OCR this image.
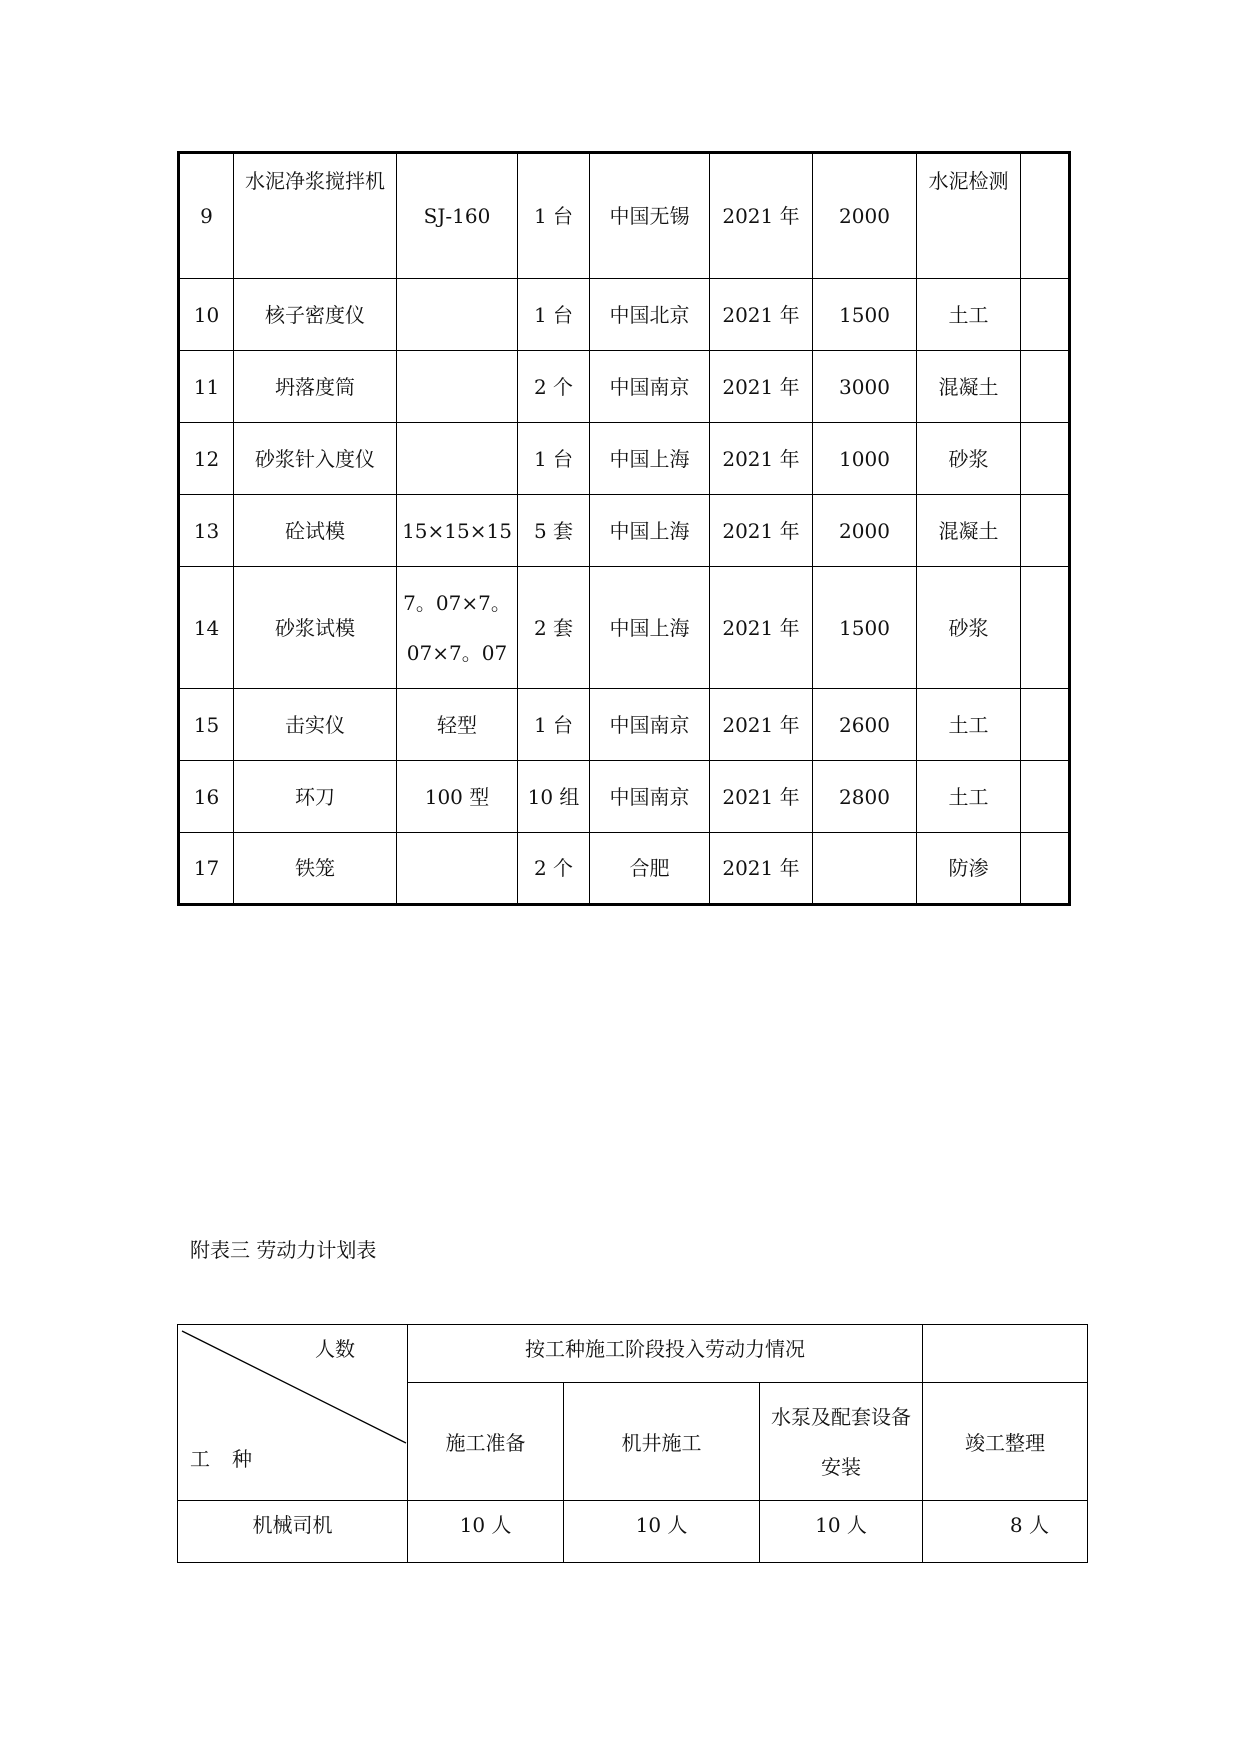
9	水泥净浆搅拌机	SJ-160	1 台	中国无锡	2021 年	2000	水泥检测	
10	核子密度仪		1 台	中国北京	2021 年	1500	土工	
11	坍落度筒		2 个	中国南京	2021 年	3000	混凝土	
12	砂浆针入度仪		1 台	中国上海	2021 年	1000	砂浆	
13	砼试模	15×15×15	5 套	中国上海	2021 年	2000	混凝土	
14	砂浆试模	7。07×7。07×7。07	2 套	中国上海	2021 年	1500	砂浆	
15	击实仪	轻型	1 台	中国南京	2021 年	2600	土工	
16	环刀	100 型	10 组	中国南京	2021 年	2800	土工	
17	铁笼		2 个	合肥	2021 年		防渗	

附表三 劳动力计划表

人数
工种	按工种施工阶段投入劳动力情况			
	施工准备	机井施工	水泵及配套设备安装	竣工整理
机械司机	10 人	10 人	10 人	8 人
